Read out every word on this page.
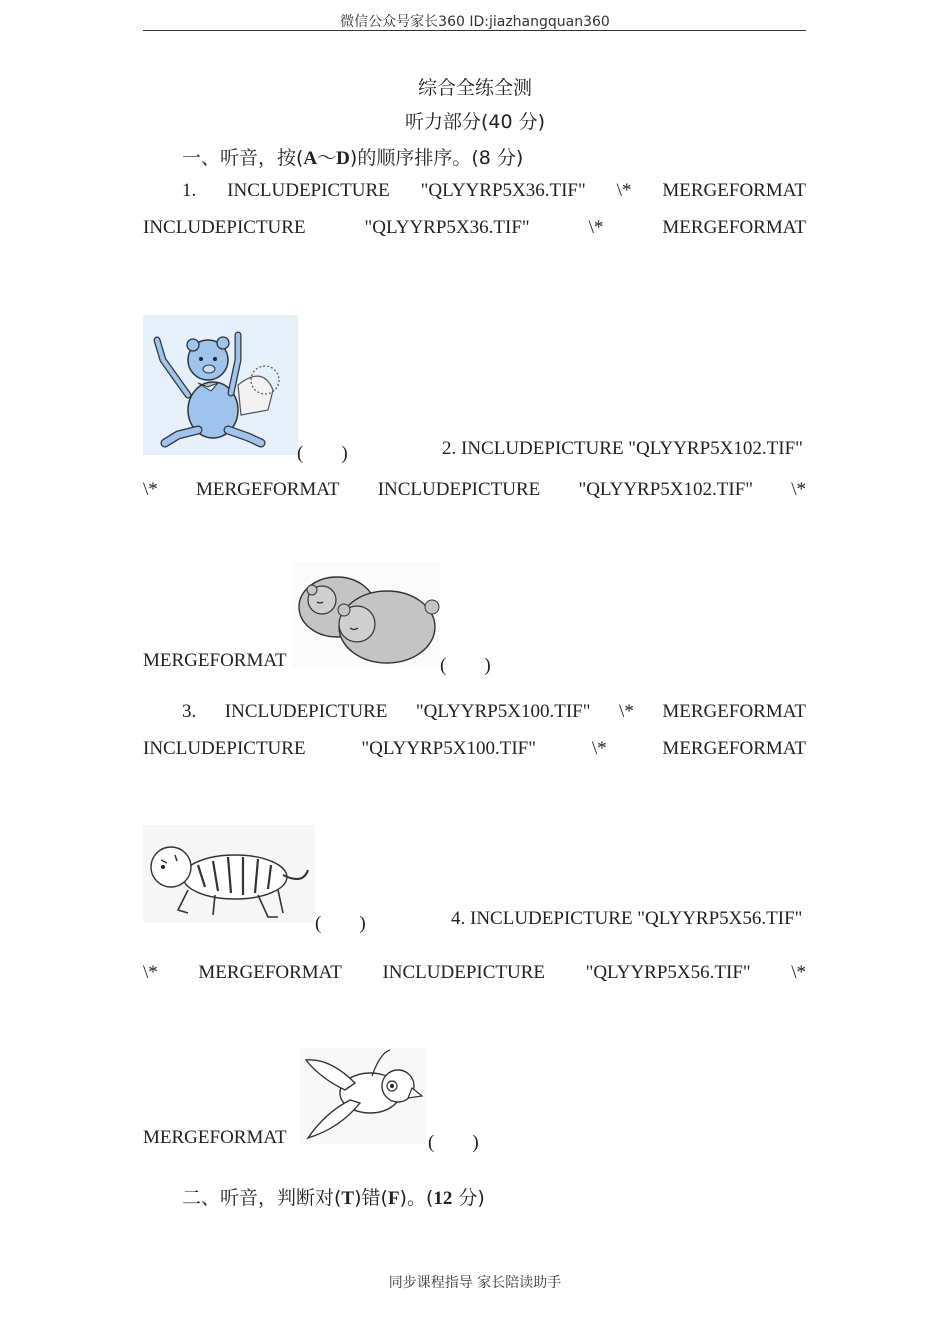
微信公众号家长360 ID:jiazhangquan360
综合全练全测
听力部分(40 分)
一、听音，按(A～D)的顺序排序。(8 分)
1. INCLUDEPICTURE "QLYYRP5X36.TIF" \* MERGEFORMAT
INCLUDEPICTURE	"QLYYRP5X36.TIF"	\*	MERGEFORMAT
(　　)	2. INCLUDEPICTURE "QLYYRP5X102.TIF"
\* MERGEFORMAT INCLUDEPICTURE "QLYYRP5X102.TIF" \*
MERGEFORMAT	(　　)
3. INCLUDEPICTURE "QLYYRP5X100.TIF" \* MERGEFORMAT
INCLUDEPICTURE	"QLYYRP5X100.TIF"	\*	MERGEFORMAT
(　　)	4. INCLUDEPICTURE "QLYYRP5X56.TIF"
\* MERGEFORMAT INCLUDEPICTURE "QLYYRP5X56.TIF" \*
MERGEFORMAT	(　　)
二、听音，判断对(T)错(F)。(12 分)
同步课程指导 家长陪读助手
